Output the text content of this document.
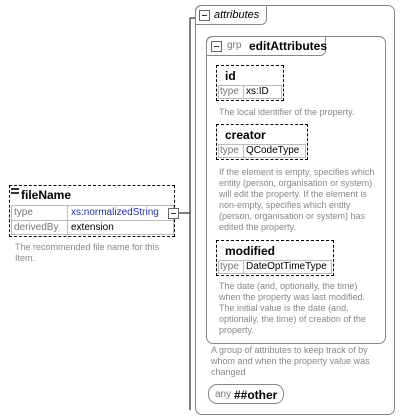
fileName
type	xs:normalizedString
derivedBy extension
The recommended file name for this Item.
attributes
grp editAttributes
id
type xs:ID
The local identifier of the property.
creator
type QCodeType
If the element is empty, specifies which entity (person, organisation or system) will edit the property. If the element is non-empty, specifies which entity (person, organisation or system) has edited the property.
modified
type DateOptTimeType
The date (and, optionally, the time) when the property was last modified. The initial value is the date (and, optionally, the time) of creation of the property.
A group of attributes to keep track of by whom and when the property value was changed
any ##other
